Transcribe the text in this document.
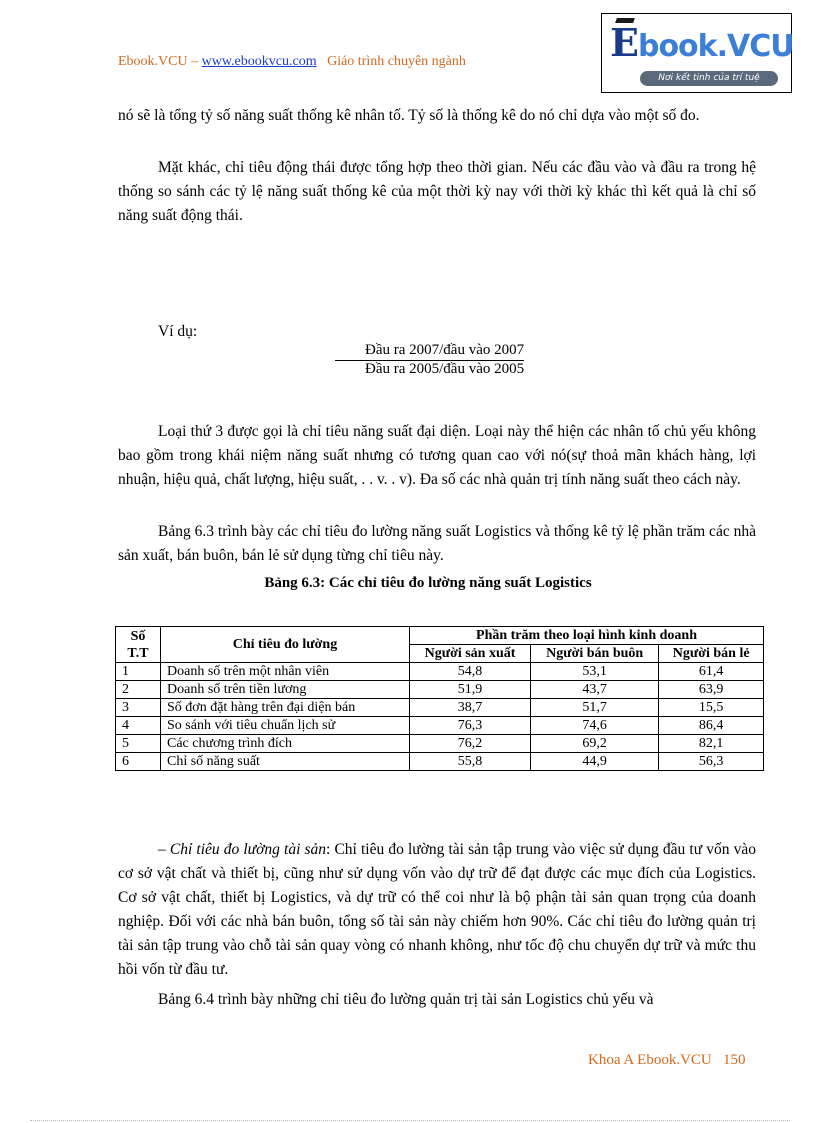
Ebook.VCU – www.ebookvcu.com Giáo trình chuyên ngành	Ebook.VCU
Nơi kết tinh của trí tuệ

nó sẽ là tổng tỷ số năng suất thống kê nhân tố. Tỷ số là thống kê do nó chỉ dựa vào một số đo.

Mặt khác, chỉ tiêu động thái được tổng hợp theo thời gian. Nếu các đầu vào và đầu ra trong hệ thống so sánh các tỷ lệ năng suất thống kê của một thời kỳ nay với thời kỳ khác thì kết quả là chỉ số năng suất động thái.

Ví dụ:

Đầu ra 2007/đầu vào 2007
Đầu ra 2005/đầu vào 2005

Loại thứ 3 được gọi là chỉ tiêu năng suất đại diện. Loại này thể hiện các nhân tố chủ yếu không bao gồm trong khái niệm năng suất nhưng có tương quan cao với nó(sự thoả mãn khách hàng, lợi nhuận, hiệu quả, chất lượng, hiệu suất, . . v. . v). Đa số các nhà quản trị tính năng suất theo cách này.

Bảng 6.3 trình bày các chỉ tiêu đo lường năng suất Logistics và thống kê tỷ lệ phần trăm các nhà sản xuất, bán buôn, bán lẻ sử dụng từng chỉ tiêu này.

Bảng 6.3: Các chỉ tiêu đo lường năng suất Logistics
Số T.T	Chỉ tiêu đo lường	Phần trăm theo loại hình kinh doanh		
		Người sản xuất	Người bán buôn	Người bán lẻ
1	Doanh số trên một nhân viên	54,8	53,1	61,4
2	Doanh số trên tiền lương	51,9	43,7	63,9
3	Số đơn đặt hàng trên đại diện bán	38,7	51,7	15,5
4	So sánh với tiêu chuẩn lịch sử	76,3	74,6	86,4
5	Các chương trình đích	76,2	69,2	82,1
6	Chỉ số năng suất	55,8	44,9	56,3

– Chỉ tiêu đo lường tài sản: Chỉ tiêu đo lường tài sản tập trung vào việc sử dụng đầu tư vốn vào cơ sở vật chất và thiết bị, cũng như sử dụng vốn vào dự trữ để đạt được các mục đích của Logistics. Cơ sở vật chất, thiết bị Logistics, và dự trữ có thể coi như là bộ phận tài sản quan trọng của doanh nghiệp. Đối với các nhà bán buôn, tổng số tài sản này chiếm hơn 90%. Các chỉ tiêu đo lường quản trị tài sản tập trung vào chỗ tài sản quay vòng có nhanh không, như tốc độ chu chuyển dự trữ và mức thu hồi vốn từ đầu tư.

Bảng 6.4 trình bày những chỉ tiêu đo lường quản trị tài sản Logistics chủ yếu và

Khoa A Ebook.VCU 150
